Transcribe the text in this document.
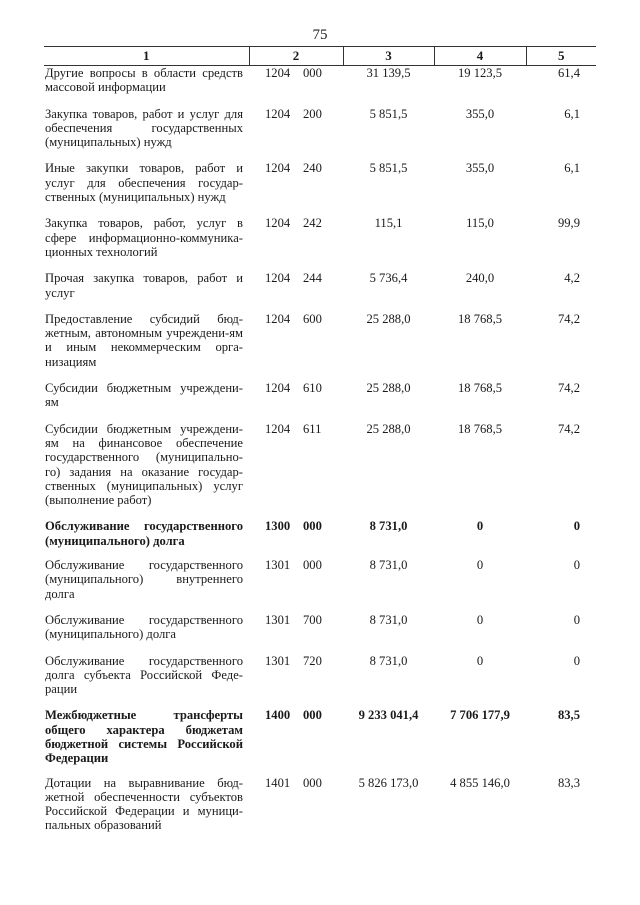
75
1	2	3	4	5
Другие вопросы в области средств массовой информации	1204 000	31 139,5	19 123,5	61,4
Закупка товаров, работ и услуг для обеспечения государственных (муниципальных) нужд	1204 200	5 851,5	355,0	6,1
Иные закупки товаров, работ и услуг для обеспечения государ-ственных (муниципальных) нужд	1204 240	5 851,5	355,0	6,1
Закупка товаров, работ, услуг в сфере информационно-коммуника-ционных технологий	1204 242	115,1	115,0	99,9
Прочая закупка товаров, работ и услуг	1204 244	5 736,4	240,0	4,2
Предоставление субсидий бюд-жетным, автономным учреждени-ям и иным некоммерческим орга-низациям	1204 600	25 288,0	18 768,5	74,2
Субсидии бюджетным учреждени-ям	1204 610	25 288,0	18 768,5	74,2
Субсидии бюджетным учреждени-ям на финансовое обеспечение государственного (муниципально-го) задания на оказание государ-ственных (муниципальных) услуг (выполнение работ)	1204 611	25 288,0	18 768,5	74,2
Обслуживание государственного (муниципального) долга	1300 000	8 731,0	0	0
Обслуживание государственного (муниципального) внутреннего долга	1301 000	8 731,0	0	0
Обслуживание государственного (муниципального) долга	1301 700	8 731,0	0	0
Обслуживание государственного долга субъекта Российской Феде-рации	1301 720	8 731,0	0	0
Межбюджетные трансферты общего характера бюджетам бюджетной системы Российской Федерации	1400 000	9 233 041,4	7 706 177,9	83,5
Дотации на выравнивание бюд-жетной обеспеченности субъектов Российской Федерации и муници-пальных образований	1401 000	5 826 173,0	4 855 146,0	83,3
